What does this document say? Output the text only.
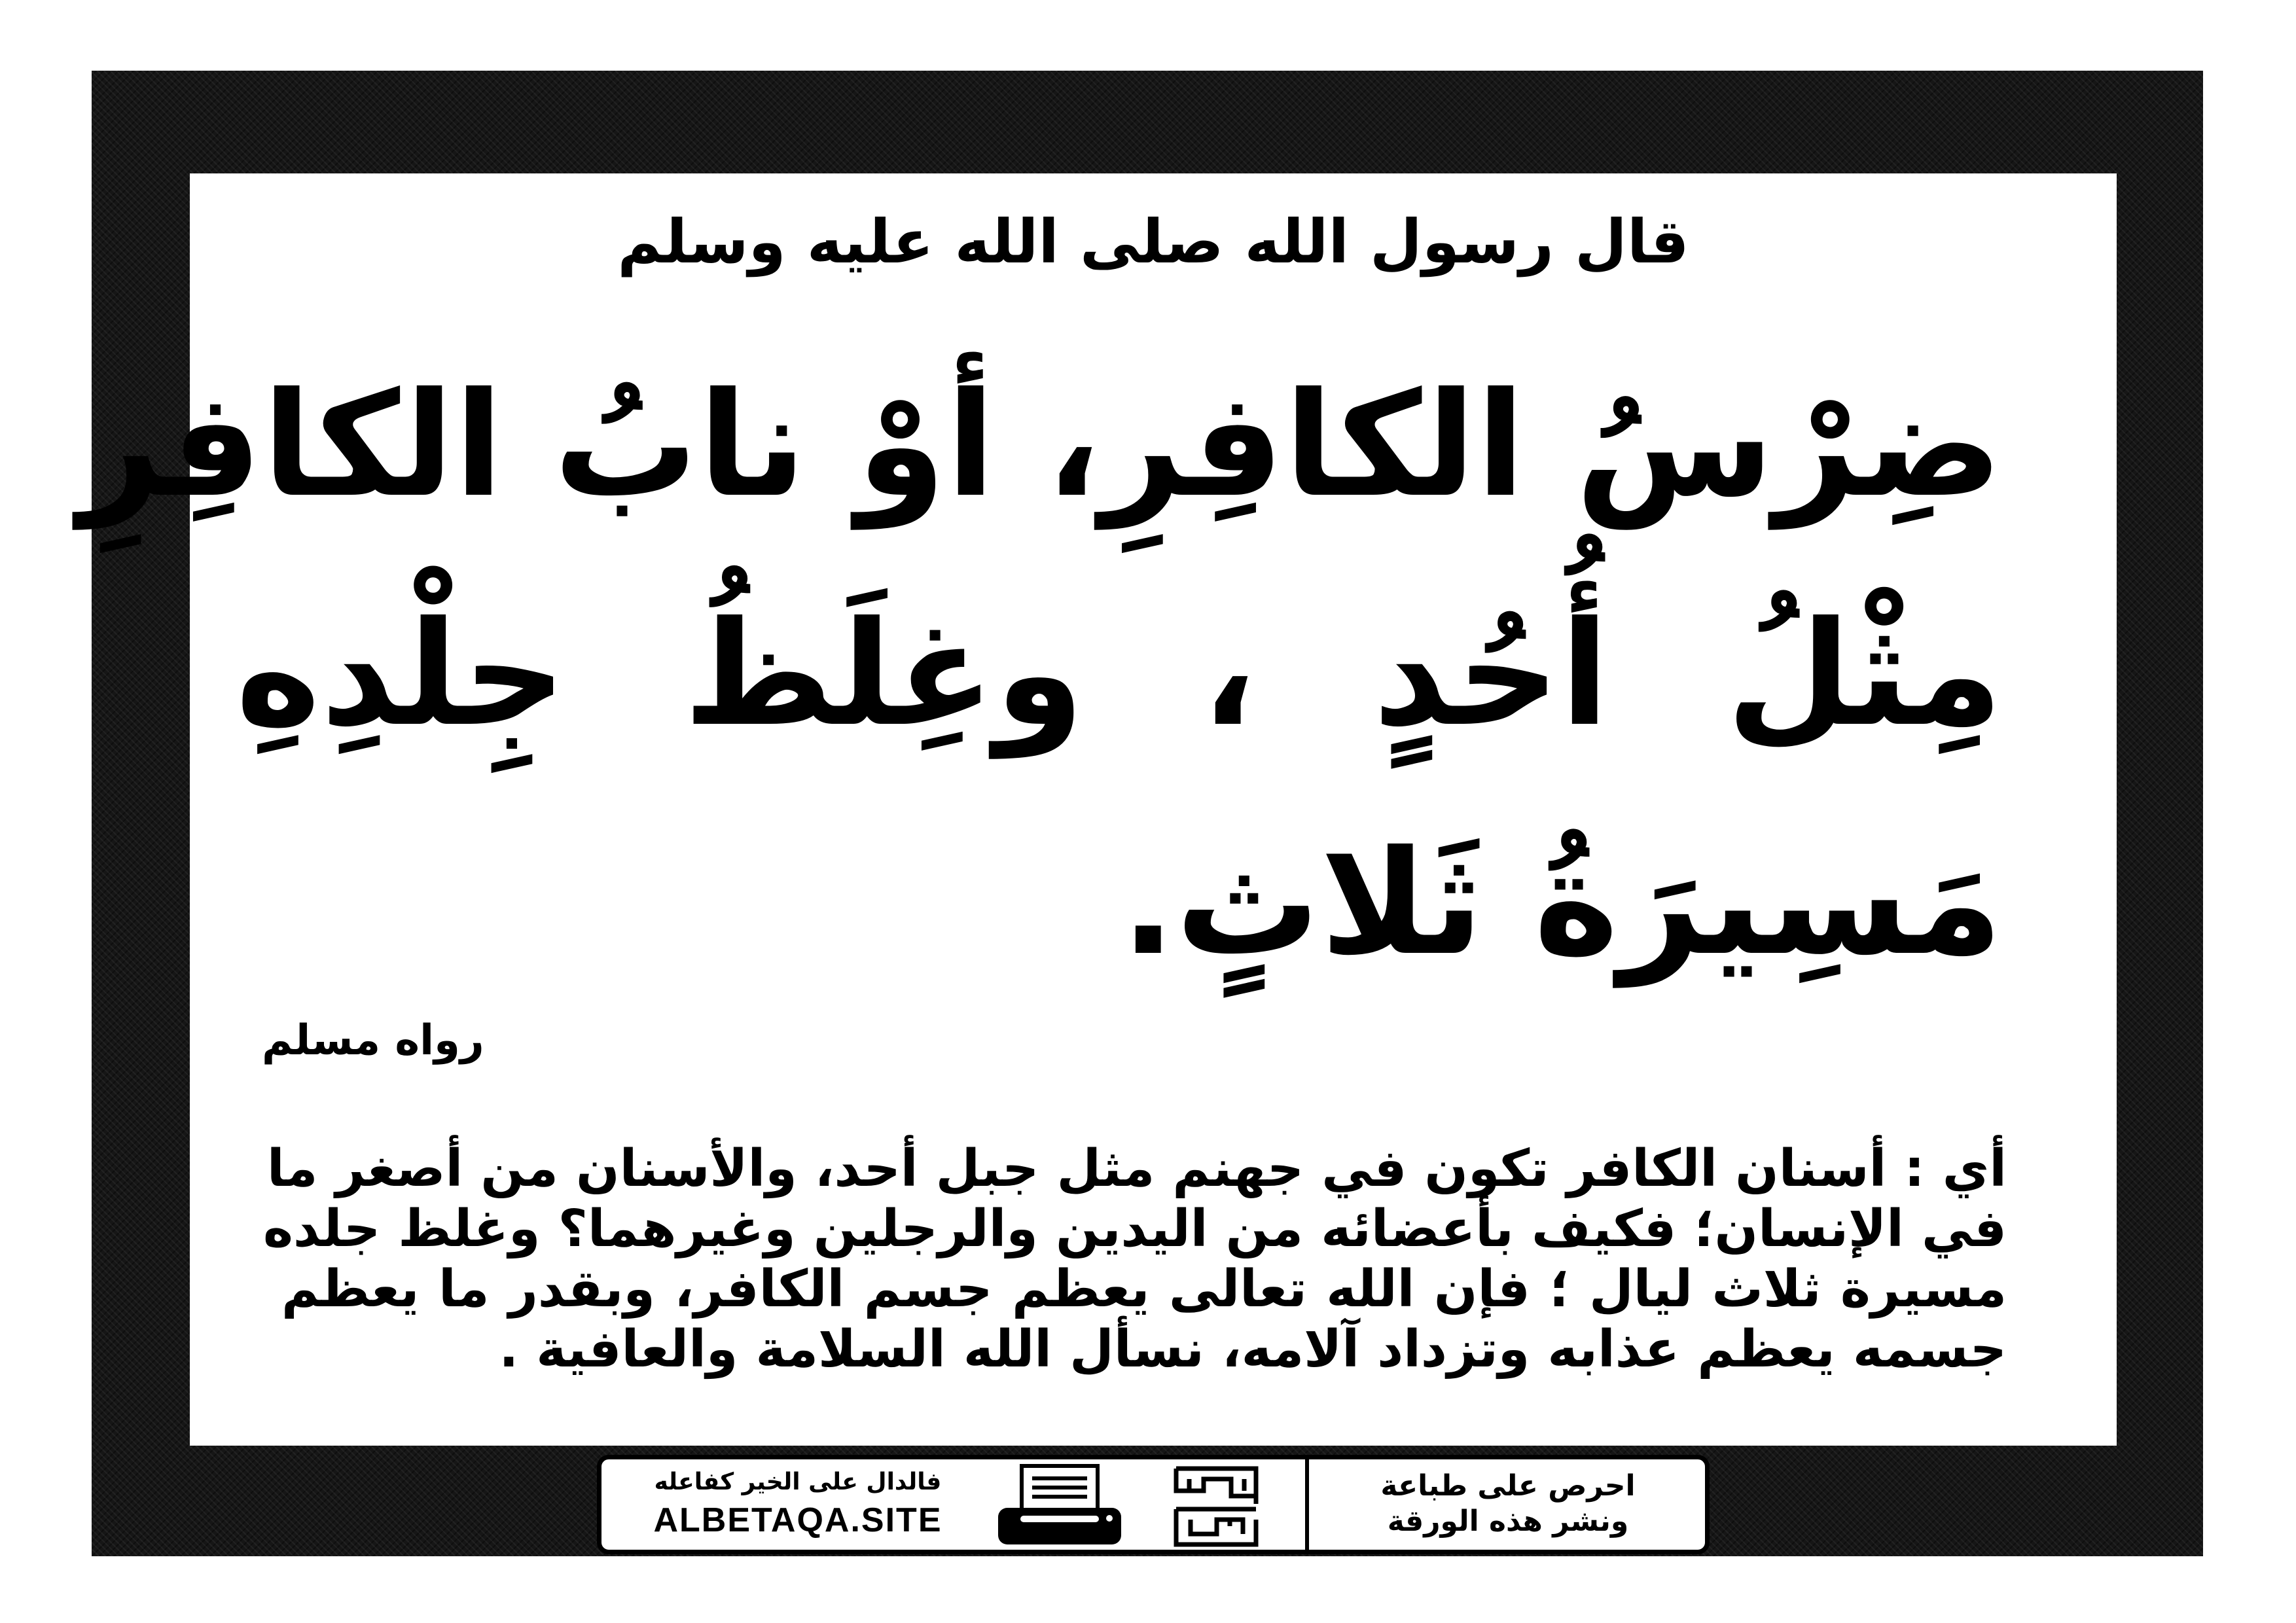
قال رسول الله صلى الله عليه وسلم
ضِرْسُ الكافِرِ، أوْ نابُ الكافِرِ
مِثْلُ أُحُدٍ ، وغِلَظُ جِلْدِهِ
مَسِيرَةُ ثَلاثٍ.
رواه مسلم
أي : أسنان الكافر تكون في جهنم مثل جبل أحد، والأسنان من أصغر ما
في الإنسان؛ فكيف بأعضائه من اليدين والرجلين وغيرهما؟ وغلظ جلده
مسيرة ثلاث ليال ؛ فإن الله تعالى يعظم جسم الكافر، وبقدر ما يعظم
جسمه يعظم عذابه وتزداد آلامه، نسأل الله السلامة والعافية .
فالدال على الخير كفاعله
ALBETAQA.SITE
احرص على طباعة
ونشر هذه الورقة
